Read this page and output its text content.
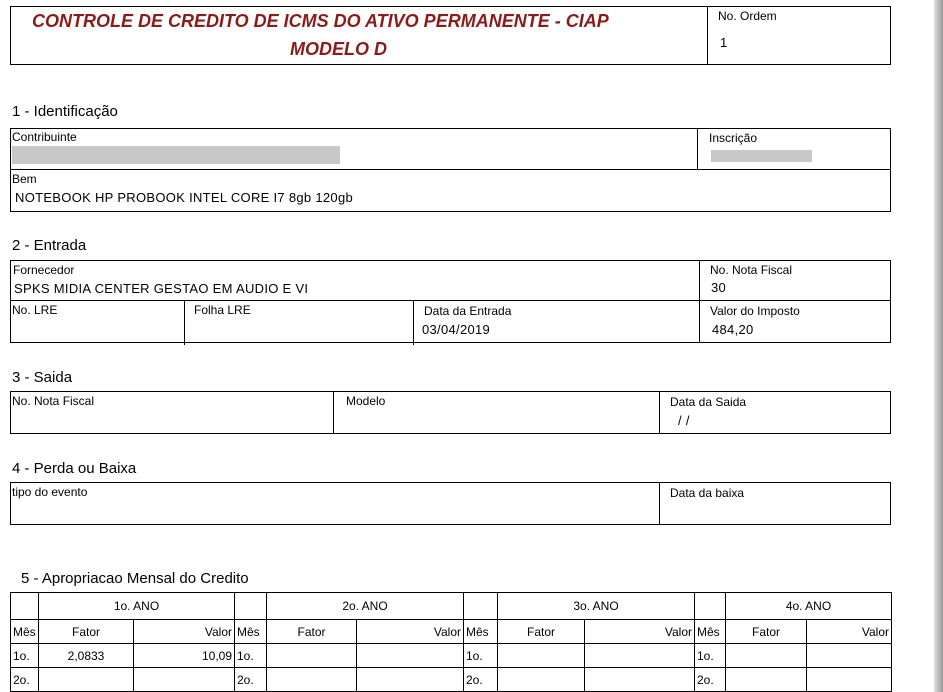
CONTROLE DE CREDITO DE ICMS DO ATIVO PERMANENTE - CIAP
MODELO D
No. Ordem
1
1 - Identificação
Contribuinte	Inscrição
Bem
NOTEBOOK HP PROBOOK INTEL CORE I7 8gb 120gb
2 - Entrada
Fornecedor
SPKS MIDIA CENTER GESTAO EM AUDIO E VI
No. Nota Fiscal
30
No. LRE	Folha LRE	Data da Entrada
03/04/2019
Valor do Imposto
484,20
3 - Saida
No. Nota Fiscal	Modelo	Data da Saida
/ /
4 - Perda ou Baixa
tipo do evento	Data da baixa
5 - Apropriacao Mensal do Credito
	1o. ANO			2o. ANO			3o. ANO			4o. ANO	
Mês	Fator	Valor	Mês	Fator	Valor	Mês	Fator	Valor	Mês	Fator	Valor
1o.	2,0833	10,09	1o.			1o.			1o.		
2o.			2o.			2o.			2o.		
